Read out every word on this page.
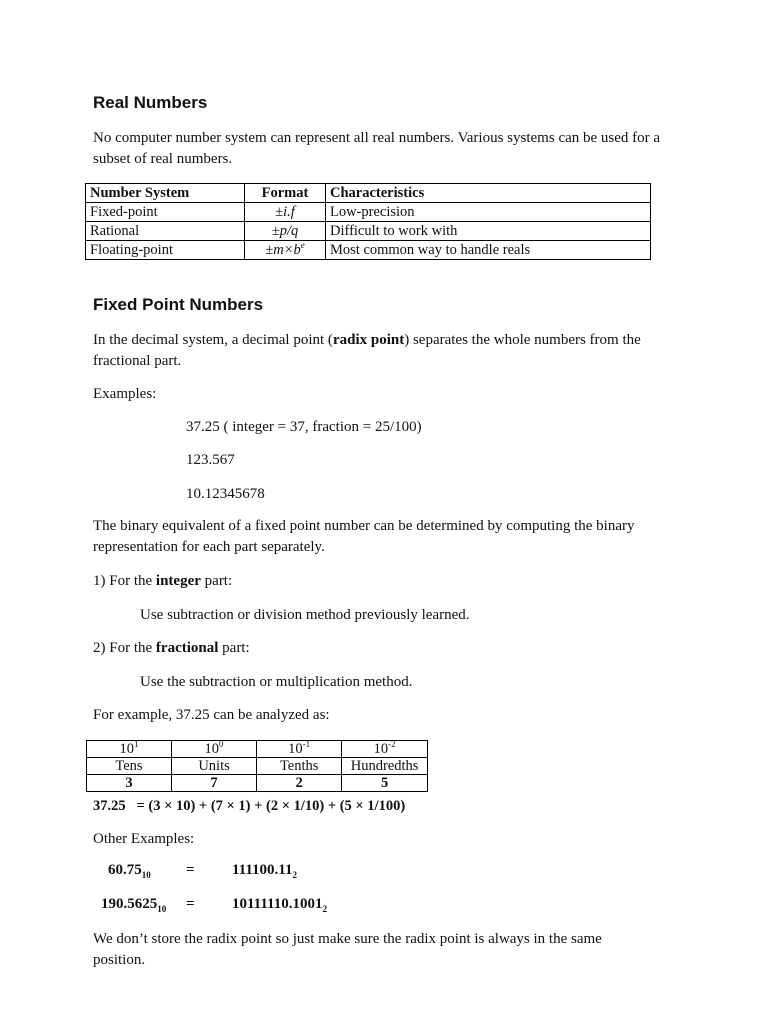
Real Numbers

No computer number system can represent all real numbers. Various systems can be used for a subset of real numbers.

Number System	Format	Characteristics
Fixed-point	±i.f	Low-precision
Rational	±p/q	Difficult to work with
Floating-point	$\pm m\times b^e$	Most common way to handle reals
Fixed Point Numbers

In the decimal system, a decimal point (radix point) separates the whole numbers from the fractional part.

Examples:

37.25 ( integer = 37, fraction = 25/100)

123.567

10.12345678

The binary equivalent of a fixed point number can be determined by computing the binary representation for each part separately.

1) For the integer part:

Use subtraction or division method previously learned.

2) For the fractional part:

Use the subtraction or multiplication method.

For example, 37.25 can be analyzed as:

$10^1$	$10^0$	$10^{-1}$	$10^{-2}$
Tens	Units	Tenths	Hundredths
3	7	2	5

37.25   = (3 × 10) + (7 × 1) + (2 × 1/10) + (5 × 1/100)

Other Examples:

$60.75_{10} = 111100.11_2$
$190.5625_{10} = 10111110.1001_2$

We don’t store the radix point so just make sure the radix point is always in the same position.
